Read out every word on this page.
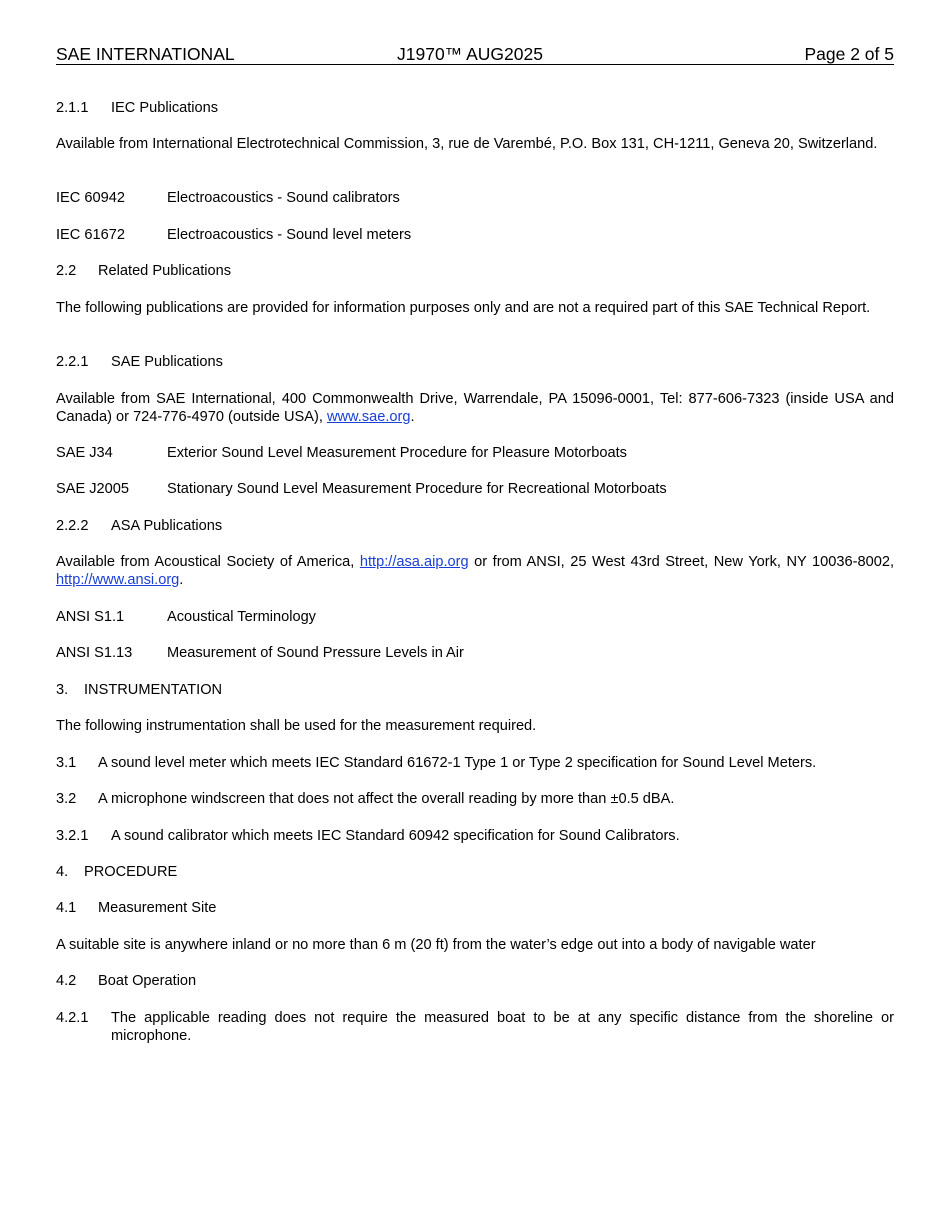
SAE INTERNATIONAL	J1970™ AUG2025	Page 2 of 5
2.1.1 IEC Publications
Available from International Electrotechnical Commission, 3, rue de Varembé, P.O. Box 131, CH-1211, Geneva 20, Switzerland.
IEC 60942	Electroacoustics - Sound calibrators
IEC 61672	Electroacoustics - Sound level meters
2.2 Related Publications
The following publications are provided for information purposes only and are not a required part of this SAE Technical Report.
2.2.1 SAE Publications
Available from SAE International, 400 Commonwealth Drive, Warrendale, PA 15096-0001, Tel: 877-606-7323 (inside USA and Canada) or 724-776-4970 (outside USA), www.sae.org.
SAE J34	Exterior Sound Level Measurement Procedure for Pleasure Motorboats
SAE J2005	Stationary Sound Level Measurement Procedure for Recreational Motorboats
2.2.2 ASA Publications
Available from Acoustical Society of America, http://asa.aip.org or from ANSI, 25 West 43rd Street, New York, NY 10036-8002, http://www.ansi.org.
ANSI S1.1	Acoustical Terminology
ANSI S1.13 Measurement of Sound Pressure Levels in Air
3. INSTRUMENTATION
The following instrumentation shall be used for the measurement required.
3.1 A sound level meter which meets IEC Standard 61672-1 Type 1 or Type 2 specification for Sound Level Meters.
3.2 A microphone windscreen that does not affect the overall reading by more than ±0.5 dBA.
3.2.1 A sound calibrator which meets IEC Standard 60942 specification for Sound Calibrators.
4. PROCEDURE
4.1 Measurement Site
A suitable site is anywhere inland or no more than 6 m (20 ft) from the water’s edge out into a body of navigable water
4.2 Boat Operation
4.2.1 The applicable reading does not require the measured boat to be at any specific distance from the shoreline or microphone.
